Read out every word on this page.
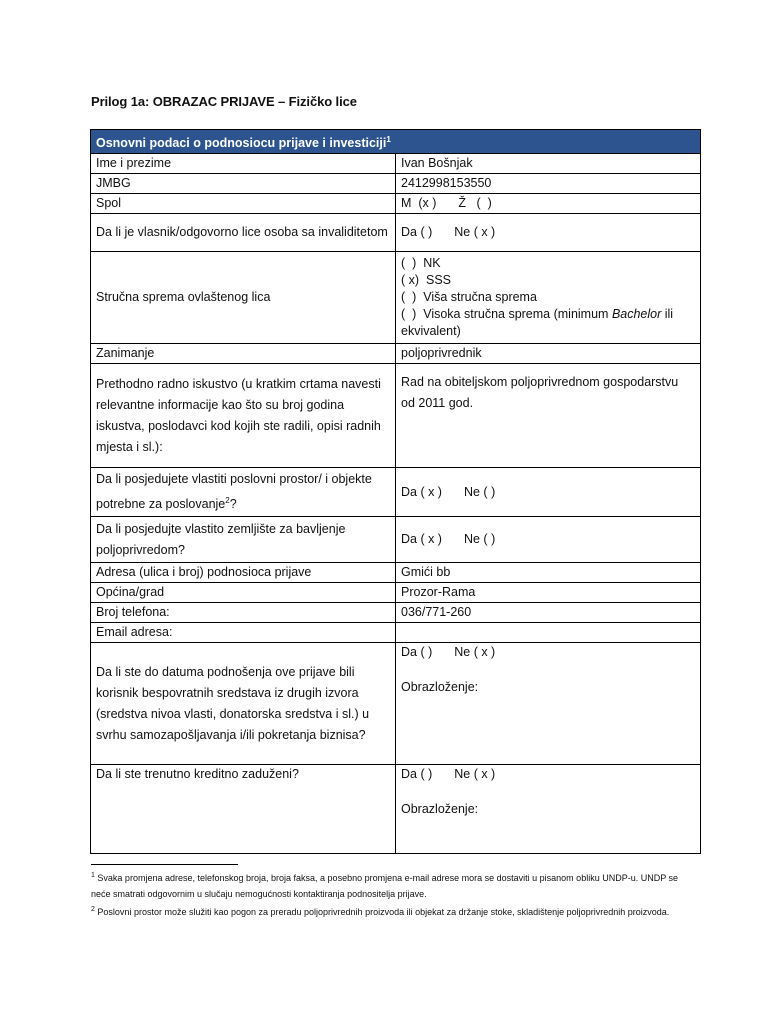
Prilog 1a: OBRAZAC PRIJAVE – Fizičko lice
Osnovni podaci o podnosiocu prijave i investiciji$^1$
Ime i prezime	Ivan Bošnjak
JMBG	2412998153550
Spol	M  (x ) Ž   (  )
Da li je vlasnik/odgovorno lice osoba sa invaliditetom	Da ( ) Ne ( x )
Stručna sprema ovlaštenog lica	(  )  NK
( x)  SSS
(  )  Viša stručna sprema
(  )  Visoka stručna sprema (minimum Bachelor ili ekvivalent)

Zanimanje	poljoprivrednik
Prethodno radno iskustvo (u kratkim crtama navesti relevantne informacije kao što su broj godina iskustva, poslodavci kod kojih ste radili, opisi radnih mjesta i sl.):	Rad na obiteljskom poljoprivrednom gospodarstvu od 2011 god.
Da li posjedujete vlastiti poslovni prostor/ i objekte potrebne za poslovanje$^2$?	Da ( x ) Ne ( )
Da li posjedujte vlastito zemljište za bavljenje poljoprivredom?	Da ( x ) Ne ( )
Adresa (ulica i broj) podnosioca prijave	Gmići bb
Općina/grad	Prozor-Rama
Broj telefona:	036/771-260
Email adresa:	
Da li ste do datuma podnošenja ove prijave bili korisnik bespovratnih sredstava iz drugih izvora (sredstva nivoa vlasti, donatorska sredstva i sl.) u svrhu samozapošljavanja i/ili pokretanja biznisa?	Da ( ) Ne ( x )
Obrazloženje:

Da li ste trenutno kreditno zaduženi?	Da ( ) Ne ( x )
Obrazloženje:
$^1$ Svaka promjena adrese, telefonskog broja, broja faksa, a posebno promjena e-mail adrese mora se dostaviti u pisanom obliku UNDP-u. UNDP se neće smatrati odgovornim u slučaju nemogućnosti kontaktiranja podnositelja prijave.
$^2$ Poslovni prostor može služiti kao pogon za preradu poljoprivrednih proizvoda ili objekat za držanje stoke, skladištenje poljoprivrednih proizvoda.
